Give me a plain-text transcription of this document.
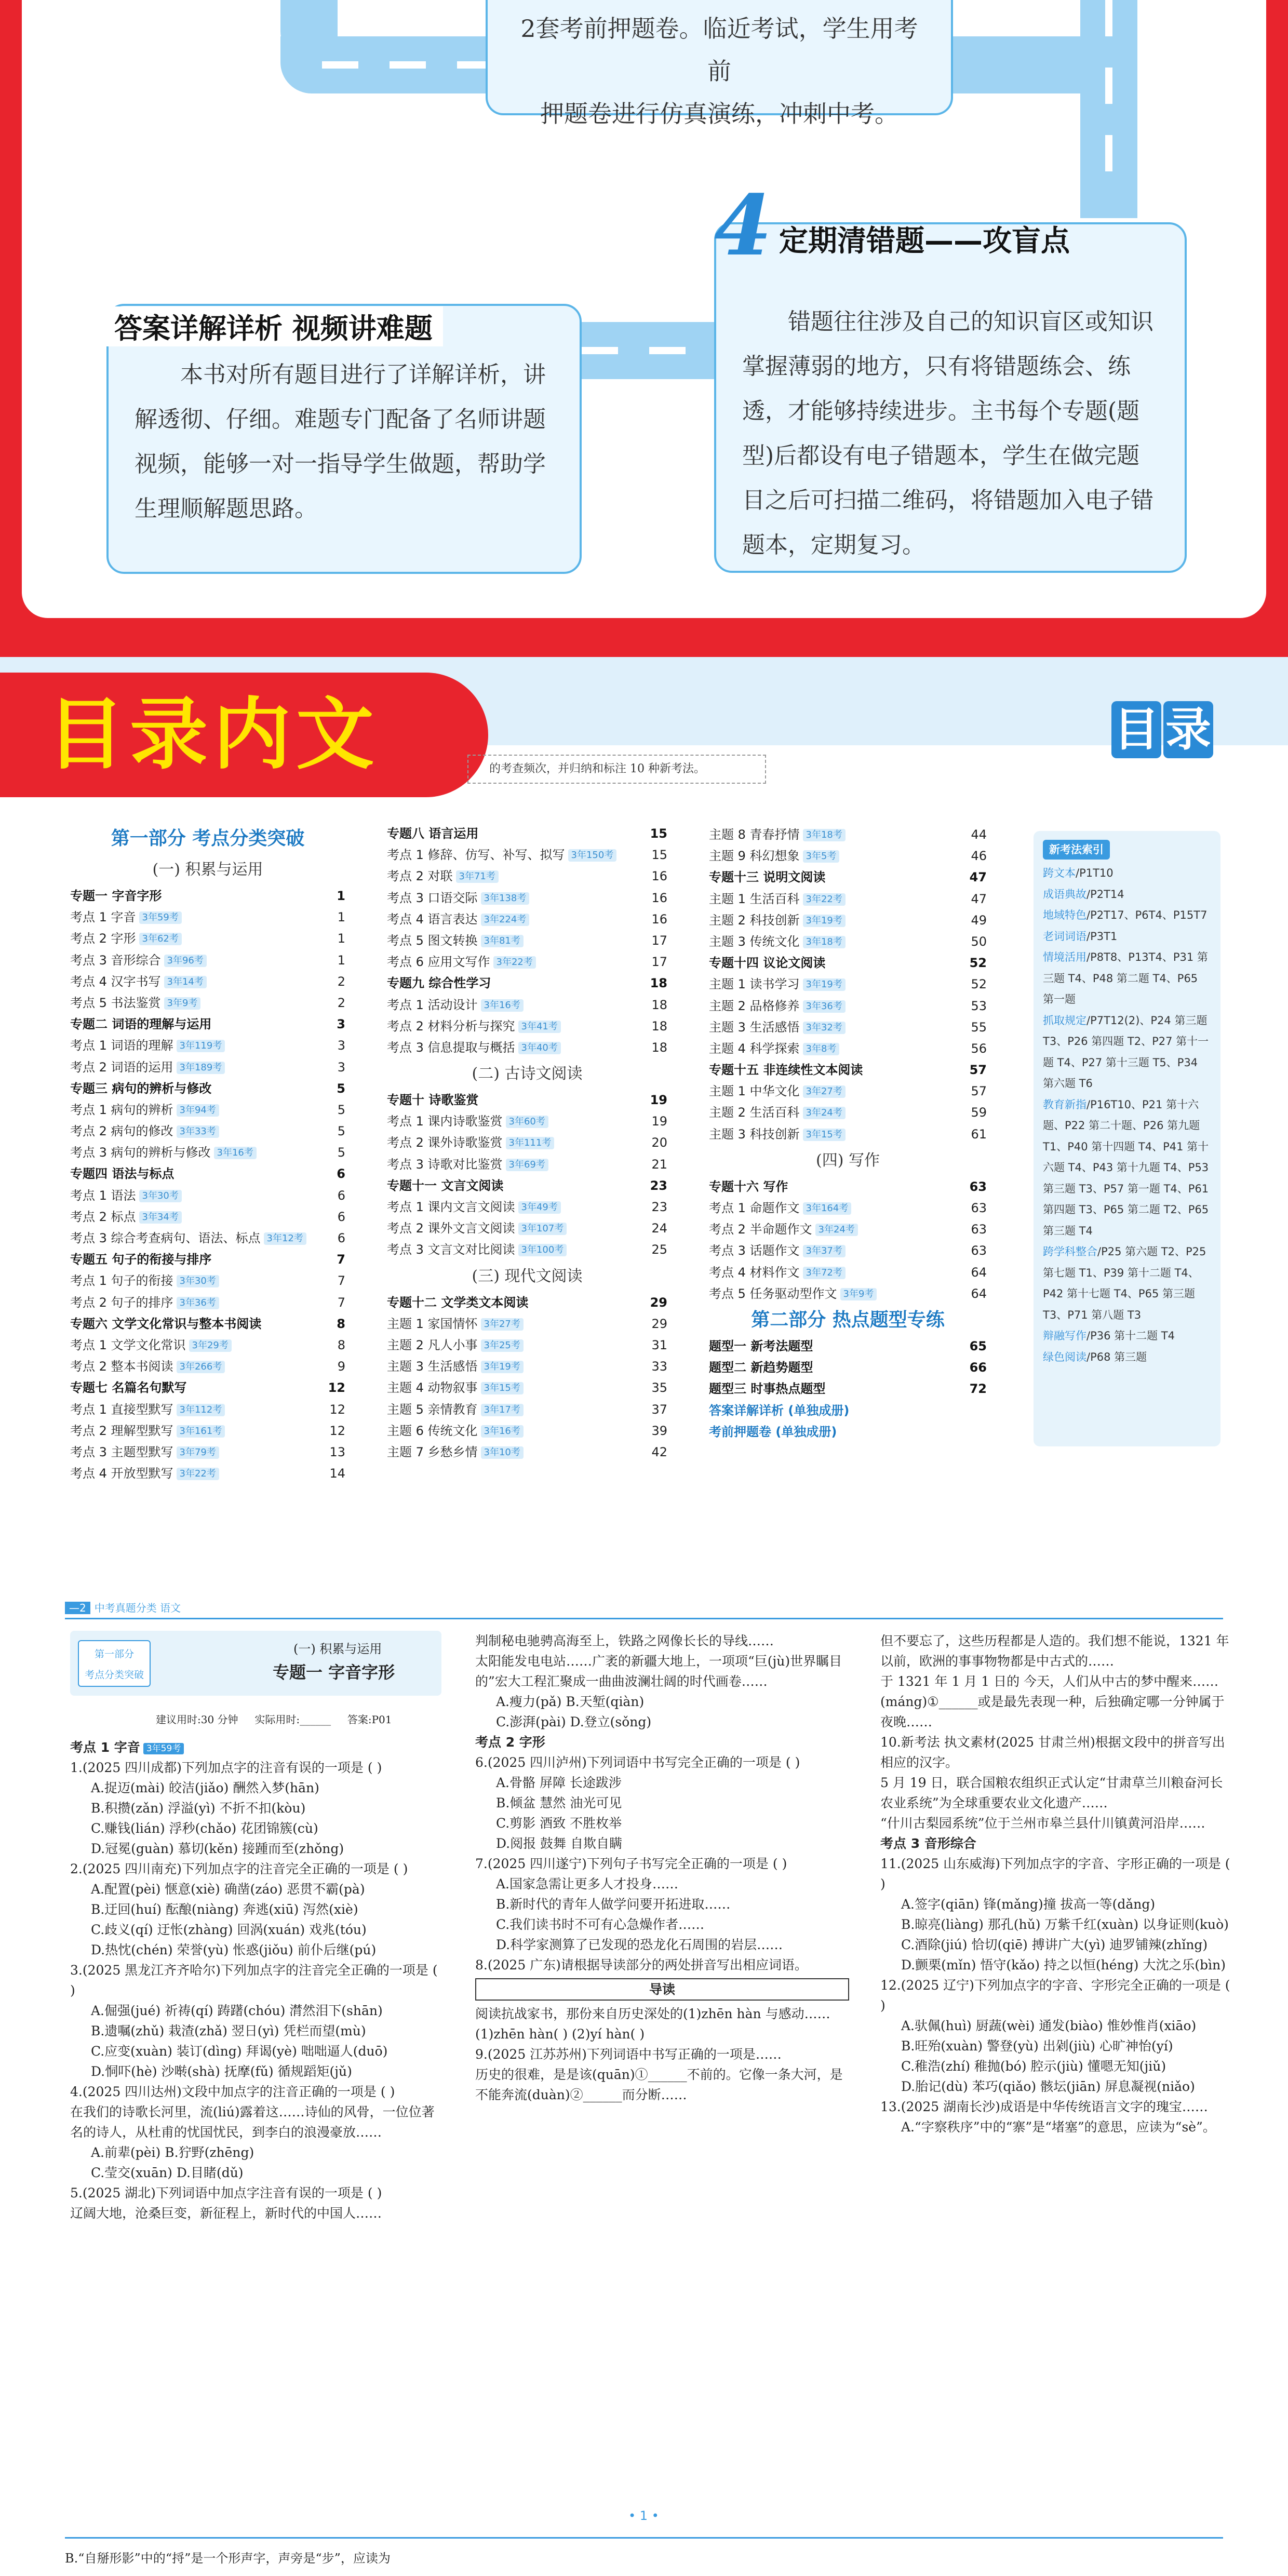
2套考前押题卷。临近考试，学生用考前
押题卷进行仿真演练，冲刺中考。

错题往往涉及自己的知识盲区或知识掌握薄弱的地方，只有将错题练会、练透，才能够持续进步。主书每个专题(题型)后都设有电子错题本，学生在做完题目之后可扫描二维码，将错题加入电子错题本，定期复习。

4 定期清错题——攻盲点

本书对所有题目进行了详解详析，讲解透彻、仔细。难题专门配备了名师讲题视频，能够一对一指导学生做题，帮助学生理顺解题思路。

答案详解详析 视频讲难题
目录内文	目 录
的考查频次，并归纳和标注 10 种新考法。
第一部分 考点分类突破
(一) 积累与运用
专题一 字音字形	1
考点 1 字音 3年59考	1
考点 2 字形 3年62考	1
考点 3 音形综合 3年96考	1
考点 4 汉字书写 3年14考	2
考点 5 书法鉴赏 3年9考	2
专题二 词语的理解与运用	3
考点 1 词语的理解 3年119考	3
考点 2 词语的运用 3年189考	3
专题三 病句的辨析与修改	5
考点 1 病句的辨析 3年94考	5
考点 2 病句的修改 3年33考	5
考点 3 病句的辨析与修改 3年16考	5
专题四 语法与标点	6
考点 1 语法 3年30考	6
考点 2 标点 3年34考	6
考点 3 综合考查病句、语法、标点 3年12考	6
专题五 句子的衔接与排序	7
考点 1 句子的衔接 3年30考	7
考点 2 句子的排序 3年36考	7
专题六 文学文化常识与整本书阅读	8
考点 1 文学文化常识 3年29考	8
考点 2 整本书阅读 3年266考	9
专题七 名篇名句默写	12
考点 1 直接型默写 3年112考	12
考点 2 理解型默写 3年161考	12
考点 3 主题型默写 3年79考	13
考点 4 开放型默写 3年22考	14
专题八 语言运用	15
考点 1 修辞、仿写、补写、拟写 3年150考	15
考点 2 对联 3年71考	16
考点 3 口语交际 3年138考	16
考点 4 语言表达 3年224考	16
考点 5 图文转换 3年81考	17
考点 6 应用文写作 3年22考	17
专题九 综合性学习	18
考点 1 活动设计 3年16考	18
考点 2 材料分析与探究 3年41考	18
考点 3 信息提取与概括 3年40考	18
(二) 古诗文阅读
专题十 诗歌鉴赏	19
考点 1 课内诗歌鉴赏 3年60考	19
考点 2 课外诗歌鉴赏 3年111考	20
考点 3 诗歌对比鉴赏 3年69考	21
专题十一 文言文阅读	23
考点 1 课内文言文阅读 3年49考	23
考点 2 课外文言文阅读 3年107考	24
考点 3 文言文对比阅读 3年100考	25
(三) 现代文阅读
专题十二 文学类文本阅读	29
主题 1 家国情怀 3年27考	29
主题 2 凡人小事 3年25考	31
主题 3 生活感悟 3年19考	33
主题 4 动物叙事 3年15考	35
主题 5 亲情教育 3年17考	37
主题 6 传统文化 3年16考	39
主题 7 乡愁乡情 3年10考	42
主题 8 青春抒情 3年18考	44
主题 9 科幻想象 3年5考	46
专题十三 说明文阅读	47
主题 1 生活百科 3年22考	47
主题 2 科技创新 3年19考	49
主题 3 传统文化 3年18考	50
专题十四 议论文阅读	52
主题 1 读书学习 3年19考	52
主题 2 品格修养 3年36考	53
主题 3 生活感悟 3年32考	55
主题 4 科学探索 3年8考	56
专题十五 非连续性文本阅读	57
主题 1 中华文化 3年27考	57
主题 2 生活百科 3年24考	59
主题 3 科技创新 3年15考	61
(四) 写作
专题十六 写作	63
考点 1 命题作文 3年164考	63
考点 2 半命题作文 3年24考	63
考点 3 话题作文 3年37考	63
考点 4 材料作文 3年72考	64
考点 5 任务驱动型作文 3年9考	64
第二部分 热点题型专练
题型一 新考法题型	65
题型二 新趋势题型	66
题型三 时事热点题型	72
答案详解详析 (单独成册)
考前押题卷 (单独成册)
新考法索引
跨文本/P1T10
成语典故/P2T14
地域特色/P2T17、P6T4、P15T7
老词词语/P3T1
情境活用/P8T8、P13T4、P31 第三题 T4、P48 第二题 T4、P65 第一题
抓取规定/P7T12(2)、P24 第三题 T3、P26 第四题 T2、P27 第十一题 T4、P27 第十三题 T5、P34 第六题 T6
教育新指/P16T10、P21 第十六题、P22 第二十题、P26 第九题 T1、P40 第十四题 T4、P41 第十六题 T4、P43 第十九题 T4、P53 第三题 T3、P57 第一题 T4、P61 第四题 T3、P65 第二题 T2、P65 第三题 T4
跨学科整合/P25 第六题 T2、P25 第七题 T1、P39 第十二题 T4、P42 第十七题 T4、P65 第三题 T3、P71 第八题 T3
辩融写作/P36 第十二题 T4
绿色阅读/P68 第三题
—2 中考真题分类 语文
第一部分
考点分类突破
(一) 积累与运用
专题一 字音字形
建议用时:30 分钟     实际用时:______     答案:P01

考点 1 字音 3年59考

1.(2025 四川成都)下列加点字的注音有误的一项是 ( )

A.捉迈(mài) 皎洁(jiǎo) 酬然入梦(hān)

B.积攒(zǎn) 浮溢(yì) 不折不扣(kòu)

C.赚钱(lián) 浮秒(chǎo) 花团锦簇(cù)

D.冠冕(guàn) 慕切(kěn) 接踵而至(zhǒng)

2.(2025 四川南充)下列加点字的注音完全正确的一项是 ( )

A.配置(pèi) 惬意(xiè) 确凿(záo) 恶贯不霸(pà)

B.迂回(huí) 酝酿(niàng) 奔逃(xiū) 泻然(xiè)

C.歧义(qí) 迂怅(zhàng) 回涡(xuán) 戏兆(tóu)

D.热忱(chén) 荣誉(yù) 怅惑(jiǒu) 前仆后继(pú)

3.(2025 黑龙江齐齐哈尔)下列加点字的注音完全正确的一项是 ( )

A.倔强(jué) 祈祷(qí) 踌躇(chóu) 潸然泪下(shān)

B.遗嘱(zhǔ) 栽渣(zhǎ) 翌日(yì) 凭栏而望(mù)

C.应变(xuàn) 装订(dìng) 拜谒(yè) 咄咄逼人(duō)

D.恫吓(hè) 沙啭(shà) 抚摩(fǔ) 循规蹈矩(jǔ)

4.(2025 四川达州)文段中加点字的注音正确的一项是 ( )

在我们的诗歌长河里，流(liú)露着这……诗仙的风骨，一位位著名的诗人，从杜甫的忧国忧民，到李白的浪漫豪放……

A.前辈(pèi) B.狞野(zhēng)

C.莹交(xuān) D.目睹(dǔ)

5.(2025 湖北)下列词语中加点字注音有误的一项是 ( )

辽阔大地，沧桑巨变，新征程上，新时代的中国人……

判制秘电驰骋高海至上，铁路之网像长长的导线……

太阳能发电电站……广袤的新疆大地上，一项项“巨(jù)世界瞩目的”宏大工程汇聚成一曲曲波澜壮阔的时代画卷……

A.瘦力(pǎ) B.天堑(qiàn)

C.澎湃(pài) D.登立(sǒng)

考点 2 字形

6.(2025 四川泸州)下列词语中书写完全正确的一项是 ( )

A.骨骼 屏障 长途跋涉

B.倾盆 慧然 油光可见

C.剪影 酒致 不胜枚举

D.阅报 鼓舞 自欺自瞒

7.(2025 四川遂宁)下列句子书写完全正确的一项是 ( )

A.国家急需让更多人才投身……

B.新时代的青年人做学问要开拓进取……

C.我们读书时不可有心急燥作者……

D.科学家测算了已发现的恐龙化石周围的岩层……

8.(2025 广东)请根据导读部分的两处拼音写出相应词语。

导读

阅读抗战家书，那份来自历史深处的(1)zhēn hàn 与感动……

(1)zhēn hàn( ) (2)yí hàn( )

9.(2025 江苏苏州)下列词语中书写正确的一项是……

历史的很难，是是该(quān)①______不前的。它像一条大河，是不能奔流(duàn)②______而分断……

但不要忘了，这些历程都是人造的。我们想不能说，1321 年以前，欧洲的事事物物都是中古式的……

于 1321 年 1 月 1 日的 今天，人们从中古的梦中醒来……

(máng)①______或是最先表现一种，后独确定哪一分钟属于夜晚……

10.新考法 执文素材(2025 甘肃兰州)根据文段中的拼音写出相应的汉字。

5 月 19 日，联合国粮农组织正式认定“甘肃草兰川粮奋河长农业系统”为全球重要农业文化遗产……

“什川古梨园系统”位于兰州市皋兰县什川镇黄河沿岸……

考点 3 音形综合

11.(2025 山东威海)下列加点字的字音、字形正确的一项是 ( )

A.签字(qiān) 锋(mǎng)撞 拔高一等(dǎng)

B.晾亮(liàng) 那孔(hǔ) 万紫千红(xuàn) 以身证则(kuò)

C.酒除(jiú) 恰切(qiē) 搏讲广大(yì) 迪罗铺辣(zhǐng)

D.颤栗(mǐn) 悟守(kǎo) 持之以恒(héng) 大沈之乐(bìn)

12.(2025 辽宁)下列加点字的字音、字形完全正确的一项是 ( )

A.驮佩(huì) 厨蔬(wèi) 通发(biào) 惟妙惟肖(xiāo)

B.旺殆(xuàn) 警登(yù) 出剁(jiù) 心旷神怡(yí)

C.稚浩(zhí) 稚抛(bó) 腔示(jiù) 懂嗯无知(jiǔ)

D.胎记(dù) 苯巧(qiǎo) 骸坛(jiān) 屏息凝视(niǎo)

13.(2025 湖南长沙)成语是中华传统语言文字的瑰宝……

A.“字察秩序”中的“寨”是“堵塞”的意思，应读为“sè”。

• 1 •
B.“自掰形影”中的“捋”是一个形声字，声旁是“步”，应读为
